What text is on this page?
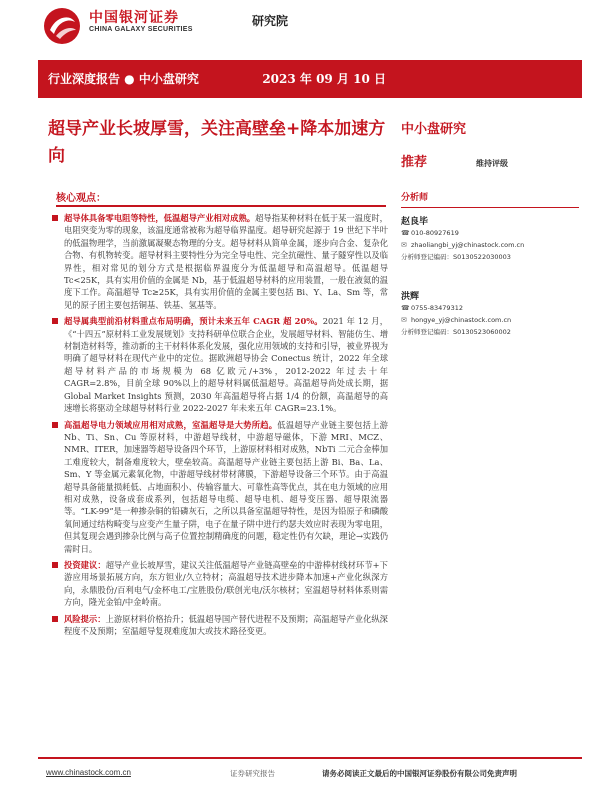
中国银河证券
CHINA GALAXY SECURITIES
研究院
行业深度报告 ● 中小盘研究	2023 年 09 月 10 日
超导产业长坡厚雪，关注高壁垒+降本加速方向
中小盘研究
推荐	维持评级
核心观点：
超导体具备零电阻等特性，低温超导产业相对成熟。超导指某种材料在低于某一温度时，电阻突变为零的现象，该温度通常被称为超导临界温度。超导研究起源于 19 世纪下半叶的低温物理学，当前激属凝聚态物理的分支。超导材料从简单金属，逐步向合金、复杂化合物、有机物转变。超导材料主要特性分为完全导电性、完全抗磁性、量子隧穿性以及临界性，相对常见的划分方式是根据临界温度分为低温超导和高温超导。低温超导 Tc<25K，具有实用价值的金属是 Nb，基于低温超导材料的应用装置，一般在液氦的温度下工作。高温超导 Tc≥25K，具有实用价值的金属主要包括 Bi、Y、La、Sm 等，常见的原子团主要包括铜基、铁基、氢基等。
超导属典型前沿材料重点布局明确，预计未来五年 CAGR 超 20%。2021 年 12 月，《“十四五”原材料工业发展规划》支持科研单位联合企业，发展超导材料、智能仿生、增材制造材料等，推动新的主干材料体系化发展，强化应用领域的支持和引导，被业界视为明确了超导材料在现代产业中的定位。据欧洲超导协会 Conectus 统计，2022 年全球超导材料产品的市场规模为 68 亿欧元/+3%，2012-2022 年过去十年 CAGR=2.8%，目前全球 90%以上的超导材料属低温超导。高温超导尚处成长期，据 Global Market Insights 预测，2030 年高温超导将占据 1/4 的份额，高温超导的高速增长将驱动全球超导材料行业 2022-2027 年未来五年 CAGR=23.1%。
高温超导电力领域应用相对成熟，室温超导是大势所趋。低温超导产业链主要包括上游 Nb、Ti、Sn、Cu 等原材料，中游超导线材，中游超导磁体，下游 MRI、MCZ、NMR、ITER，加速器等超导设备四个环节，上游原材料相对成熟，NbTi 二元合金棒加工难度较大，制备难度较大，壁垒较高。高温超导产业链主要包括上游 Bi、Ba、La、Sm、Y 等金属元素氧化物，中游超导线材带材薄膜，下游超导设备三个环节。由于高温超导具备能量损耗低、占地面积小、传输容量大、可靠性高等优点，其在电力领域的应用相对成熟，设备成套成系列，包括超导电缆、超导电机、超导变压器、超导限流器等。“LK-99”是一种掺杂铜的铅磷灰石，之所以具备室温超导特性，是因为铅原子和磷酸氧间通过结构畸变与应变产生量子阱，电子在量子阱中进行约瑟夫效应时表现为零电阻，但其复现会遇到掺杂比例与高子位置控制精确度的问题，稳定性仍有欠缺，理论→实践仍需时日。
投资建议：超导产业长坡厚雪，建议关注低温超导产业链高壁垒的中游棒材线材环节+下游应用场景拓展方向，东方钽业/久立特材；高温超导技术进步降本加速+产业化纵深方向，永鼎股份/百利电气/金杯电工/宝胜股份/联创光电/沃尔核材；室温超导材料体系则需方向，隆光金铂/中金岭南。
风险提示：上游原材料价格抬升；低温超导国产替代进程不及预期；高温超导产业化纵深程度不及预期；室温超导复现难度加大或技术路径变更。
分析师
赵良毕
☎010-80927619
✉ zhaoliangbi_yj@chinastock.com.cn
分析师登记编码：S0130522030003
洪辉
☎0755-83479312
✉ hongye_yj@chinastock.com.cn
分析师登记编码：S0130523060002
www.chinastock.com.cn	证券研究报告	请务必阅读正文最后的中国银河证券股份有限公司免责声明
